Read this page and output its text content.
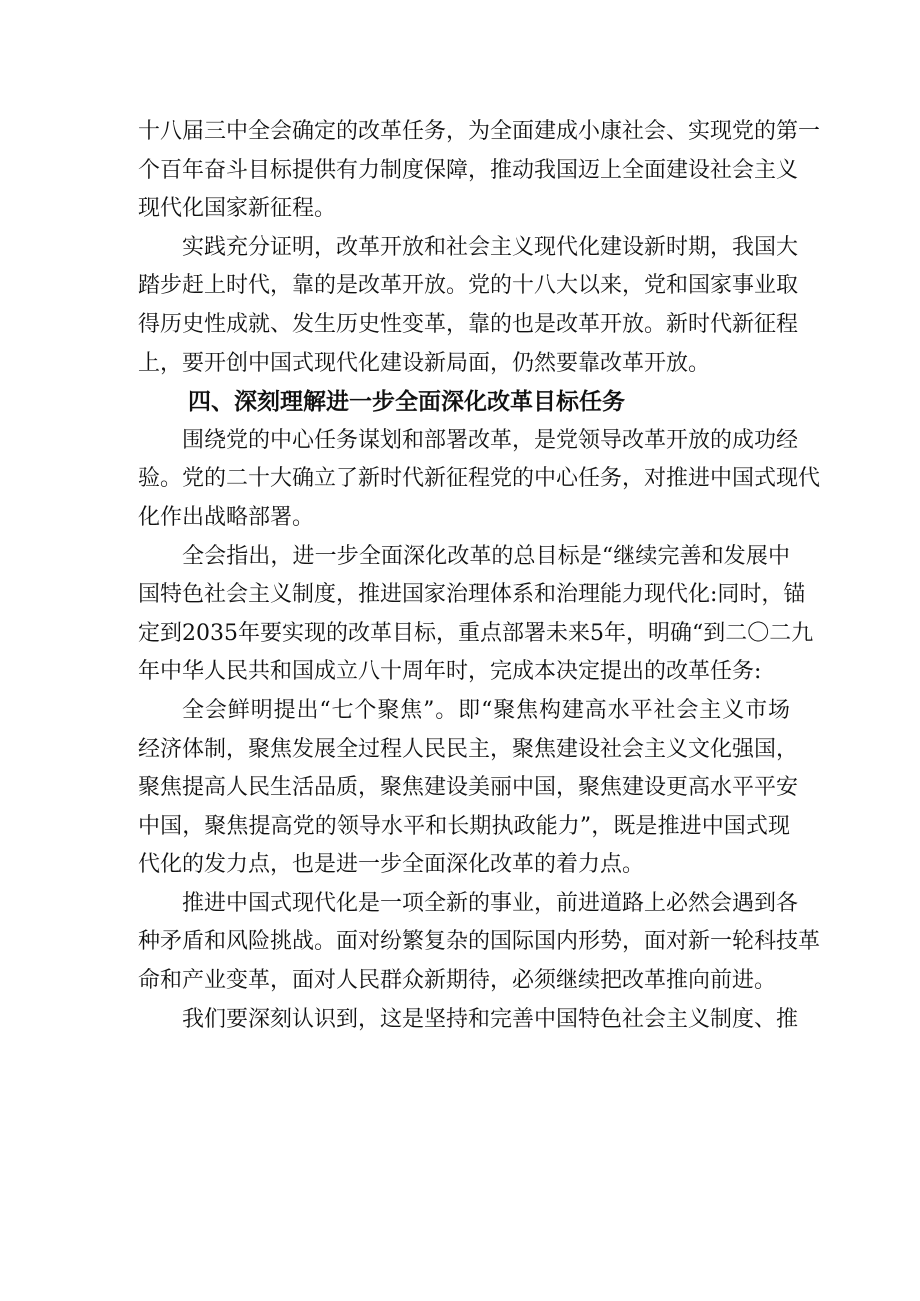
十八届三中全会确定的改革任务，为全面建成小康社会、实现党的第一
个百年奋斗目标提供有力制度保障，推动我国迈上全面建设社会主义
现代化国家新征程。
实践充分证明，改革开放和社会主义现代化建设新时期，我国大
踏步赶上时代，靠的是改革开放。党的十八大以来，党和国家事业取
得历史性成就、发生历史性变革，靠的也是改革开放。新时代新征程
上，要开创中国式现代化建设新局面，仍然要靠改革开放。
四、深刻理解进一步全面深化改革目标任务
围绕党的中心任务谋划和部署改革，是党领导改革开放的成功经
验。党的二十大确立了新时代新征程党的中心任务，对推进中国式现代
化作出战略部署。
全会指出，进一步全面深化改革的总目标是“继续完善和发展中
国特色社会主义制度，推进国家治理体系和治理能力现代化:同时，锚
定到2035年要实现的改革目标，重点部署未来5年，明确“到二〇二九
年中华人民共和国成立八十周年时，完成本决定提出的改革任务:
全会鲜明提出“七个聚焦”。即“聚焦构建高水平社会主义市场
经济体制，聚焦发展全过程人民民主，聚焦建设社会主义文化强国，
聚焦提高人民生活品质，聚焦建设美丽中国，聚焦建设更高水平平安
中国，聚焦提高党的领导水平和长期执政能力”，既是推进中国式现
代化的发力点，也是进一步全面深化改革的着力点。
推进中国式现代化是一项全新的事业，前进道路上必然会遇到各
种矛盾和风险挑战。面对纷繁复杂的国际国内形势，面对新一轮科技革
命和产业变革，面对人民群众新期待，必须继续把改革推向前进。
我们要深刻认识到，这是坚持和完善中国特色社会主义制度、推
